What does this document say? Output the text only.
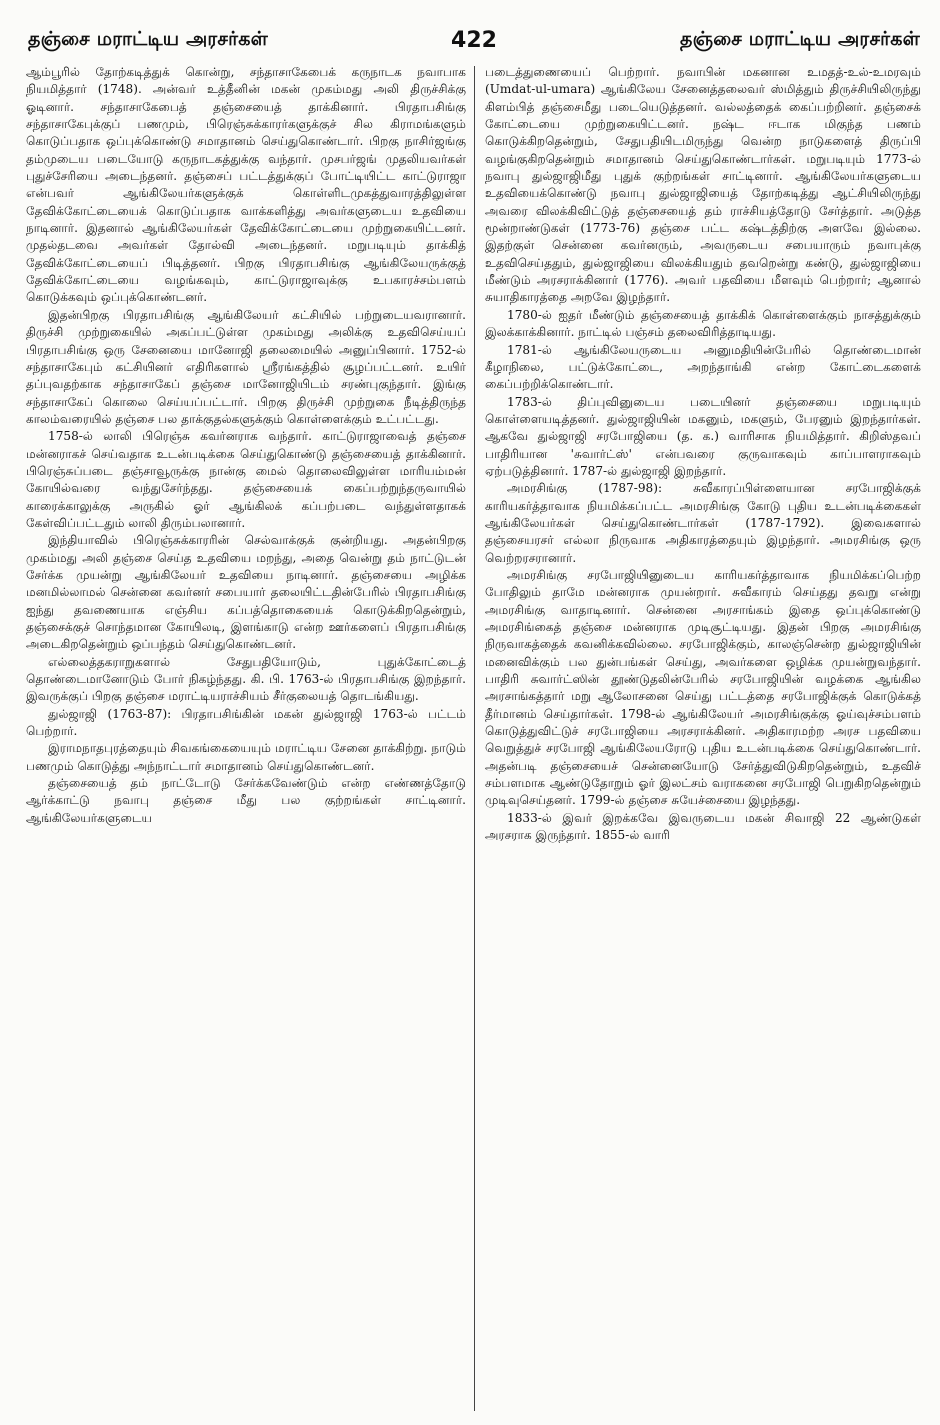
தஞ்சை மராட்டிய அரசர்கள்	422	தஞ்சை மராட்டிய அரசர்கள்

ஆம்பூரில் தோற்கடித்துக் கொன்று, சந்தாசாகேபைக் கருநாடக நவாபாக நியமித்தார் (1748). அன்வர் உத்தீனின் மகன் முகம்மது அலி திருச்சிக்கு ஓடினார். சந்தாசாகேபைத் தஞ்சையைத் தாக்கினார். பிரதாபசிங்கு சந்தாசாகேபுக்குப் பணமும், பிரெஞ்சுக்காரர்களுக்குச் சில கிராமங்களும் கொடுப்பதாக ஒப்புக்கொண்டு சமாதானம் செய்துகொண்டார். பிறகு நாசிர்ஜங்கு தம்முடைய படையோடு கருநாடகத்துக்கு வந்தார். முசபர்ஜங் முதலியவர்கள் புதுச்சேரியை அடைந்தனர். தஞ்சைப் பட்டத்துக்குப் போட்டியிட்ட காட்டுராஜா என்பவர் ஆங்கிலேயர்களுக்குக் கொள்ளிடமுகத்துவாரத்திலுள்ள தேவிக்கோட்டையைக் கொடுப்பதாக வாக்களித்து அவர்களுடைய உதவியை நாடினார். இதனால் ஆங்கிலேயர்கள் தேவிக்கோட்டையை முற்றுகையிட்டனர். முதல்தடவை அவர்கள் தோல்வி அடைந்தனர். மறுபடியும் தாக்கித் தேவிக்கோட்டையைப் பிடித்தனர். பிறகு பிரதாபசிங்கு ஆங்கிலேயருக்குத் தேவிக்கோட்டையை வழங்கவும், காட்டுராஜாவுக்கு உபகாரச்சம்பளம் கொடுக்கவும் ஒப்புக்கொண்டனர்.

இதன்பிறகு பிரதாபசிங்கு ஆங்கிலேயர் கட்சியில் பற்றுடையவரானார். திருச்சி முற்றுகையில் அகப்பட்டுள்ள முகம்மது அலிக்கு உதவிசெய்யப் பிரதாபசிங்கு ஒரு சேனையை மானோஜி தலைமையில் அனுப்பினார். 1752-ல் சந்தாசாகேபும் கட்சியினர் எதிரிகளால் ஸ்ரீரங்கத்தில் சூழப்பட்டனர். உயிர் தப்புவதற்காக சந்தாசாகேப் தஞ்சை மானோஜியிடம் சரண்புகுந்தார். இங்கு சந்தாசாகேப் கொலை செய்யப்பட்டார். பிறகு திருச்சி முற்றுகை நீடித்திருந்த காலம்வரையில் தஞ்சை பல தாக்குதல்களுக்கும் கொள்ளைக்கும் உட்பட்டது.

1758-ல் லாலி பிரெஞ்சு கவர்னராக வந்தார். காட்டுராஜாவைத் தஞ்சை மன்னராகச் செய்வதாக உடன்படிக்கை செய்துகொண்டு தஞ்சையைத் தாக்கினார். பிரெஞ்சுப்படை தஞ்சாவூருக்கு நான்கு மைல் தொலைவிலுள்ள மாரியம்மன் கோயில்வரை வந்துசேர்ந்தது. தஞ்சையைக் கைப்பற்றுந்தருவாயில் காரைக்காலுக்கு அருகில் ஓர் ஆங்கிலக் கப்பற்படை வந்துள்ளதாகக் கேள்விப்பட்டதும் லாலி திரும்பலானார்.

இந்தியாவில் பிரெஞ்சுக்காரரின் செல்வாக்குக் குன்றியது. அதன்பிறகு முகம்மது அலி தஞ்சை செய்த உதவியை மறந்து, அதை வென்று தம் நாட்டுடன் சேர்க்க முயன்று ஆங்கிலேயர் உதவியை நாடினார். தஞ்சையை அழிக்க மனமில்லாமல் சென்னை கவர்னர் சபையார் தலையிட்டதின்பேரில் பிரதாபசிங்கு ஐந்து தவணையாக எஞ்சிய கப்பத்தொகையைக் கொடுக்கிறதென்றும், தஞ்சைக்குச் சொந்தமான கோயிலடி, இளங்காடு என்ற ஊர்களைப் பிரதாபசிங்கு அடைகிறதென்றும் ஒப்பந்தம் செய்துகொண்டனர்.

எல்லைத்தகராறுகளால் சேதுபதியோடும், புதுக்கோட்டைத் தொண்டைமானோடும் போர் நிகழ்ந்தது. கி. பி. 1763-ல் பிரதாபசிங்கு இறந்தார். இவருக்குப் பிறகு தஞ்சை மராட்டியராச்சியம் சீர்குலையத் தொடங்கியது.

துல்ஜாஜி (1763-87): பிரதாபசிங்கின் மகன் துல்ஜாஜி 1763-ல் பட்டம் பெற்றார்.

இராமநாதபுரத்தையும் சிவகங்கையையும் மராட்டிய சேனை தாக்கிற்று. நாடும் பணமும் கொடுத்து அந்நாட்டார் சமாதானம் செய்துகொண்டனர்.

தஞ்சையைத் தம் நாட்டோடு சேர்க்கவேண்டும் என்ற எண்ணத்தோடு ஆர்க்காட்டு நவாபு தஞ்சை மீது பல குற்றங்கள் சாட்டினார். ஆங்கிலேயர்களுடைய

படைத்துணையைப் பெற்றார். நவாபின் மகனான உமதத்-உல்-உமரவும் (Umdat-ul-umara) ஆங்கிலேய சேனைத்தலைவர் ஸ்மித்தும் திருச்சியிலிருந்து கிளம்பித் தஞ்சைமீது படையெடுத்தனர். வல்லத்தைக் கைப்பற்றினர். தஞ்சைக் கோட்டையை முற்றுகையிட்டனர். நஷ்ட ஈடாக மிகுந்த பணம் கொடுக்கிறதென்றும், சேதுபதியிடமிருந்து வென்ற நாடுகளைத் திருப்பி வழங்குகிறதென்றும் சமாதானம் செய்துகொண்டார்கள். மறுபடியும் 1773-ல் நவாபு துல்ஜாஜிமீது புதுக் குற்றங்கள் சாட்டினார். ஆங்கிலேயர்களுடைய உதவியைக்கொண்டு நவாபு துல்ஜாஜியைத் தோற்கடித்து ஆட்சியிலிருந்து அவரை விலக்கிவிட்டுத் தஞ்சையைத் தம் ராச்சியத்தோடு சேர்த்தார். அடுத்த மூன்றாண்டுகள் (1773-76) தஞ்சை பட்ட கஷ்டத்திற்கு அளவே இல்லை. இதற்குள் சென்னை கவர்னரும், அவருடைய சபையாரும் நவாபுக்கு உதவிசெய்ததும், துல்ஜாஜியை விலக்கியதும் தவறென்று கண்டு, துல்ஜாஜியை மீண்டும் அரசராக்கினார் (1776). அவர் பதவியை மீளவும் பெற்றார்; ஆனால் சுயாதிகாரத்தை அறவே இழந்தார்.

1780-ல் ஐதர் மீண்டும் தஞ்சையைத் தாக்கிக் கொள்ளைக்கும் நாசத்துக்கும் இலக்காக்கினார். நாட்டில் பஞ்சம் தலைவிரித்தாடியது.

1781-ல் ஆங்கிலேயருடைய அனுமதியின்பேரில் தொண்டைமான் கீழாநிலை, பட்டுக்கோட்டை, அறந்தாங்கி என்ற கோட்டைகளைக் கைப்பற்றிக்கொண்டார்.

1783-ல் திப்புவினுடைய படையினர் தஞ்சையை மறுபடியும் கொள்ளையடித்தனர். துல்ஜாஜியின் மகனும், மகளும், பேரனும் இறந்தார்கள். ஆகவே துல்ஜாஜி சரபோஜியை (த. க.) வாரிசாக நியமித்தார். கிறிஸ்தவப் பாதிரியான 'சுவார்ட்ஸ்' என்பவரை குருவாகவும் காப்பாளராகவும் ஏற்படுத்தினார். 1787-ல் துல்ஜாஜி இறந்தார்.

அமரசிங்கு (1787-98): சுவீகாரப்பிள்ளையான சரபோஜிக்குக் காரியகர்த்தாவாக நியமிக்கப்பட்ட அமரசிங்கு கோடு புதிய உடன்படிக்கைகள் ஆங்கிலேயர்கள் செய்துகொண்டார்கள் (1787-1792). இவைகளால் தஞ்சையரசர் எல்லா நிருவாக அதிகாரத்தையும் இழந்தார். அமரசிங்கு ஒரு வெற்றரசரானார்.

அமரசிங்கு சரபோஜியினுடைய காரியகர்த்தாவாக நியமிக்கப்பெற்ற போதிலும் தாமே மன்னராக முயன்றார். சுவீகாரம் செய்தது தவறு என்று அமரசிங்கு வாதாடினார். சென்னை அரசாங்கம் இதை ஒப்புக்கொண்டு அமரசிங்கைத் தஞ்சை மன்னராக முடிசூட்டியது. இதன் பிறகு அமரசிங்கு நிருவாகத்தைக் கவனிக்கவில்லை. சரபோஜிக்கும், காலஞ்சென்ற துல்ஜாஜியின் மனைவிக்கும் பல துன்பங்கள் செய்து, அவர்களை ஒழிக்க முயன்றுவந்தார். பாதிரி சுவார்ட்ஸின் தூண்டுதலின்பேரில் சரபோஜியின் வழக்கை ஆங்கில அரசாங்கத்தார் மறு ஆலோசனை செய்து பட்டத்தை சரபோஜிக்குக் கொடுக்கத் தீர்மானம் செய்தார்கள். 1798-ல் ஆங்கிலேயர் அமரசிங்குக்கு ஓய்வுச்சம்பளம் கொடுத்துவிட்டுச் சரபோஜியை அரசராக்கினர். அதிகாரமற்ற அரச பதவியை வெறுத்துச் சரபோஜி ஆங்கிலேயரோடு புதிய உடன்படிக்கை செய்துகொண்டார். அதன்படி தஞ்சையைச் சென்னையோடு சேர்த்துவிடுகிறதென்றும், உதவிச் சம்பளமாக ஆண்டுதோறும் ஓர் இலட்சம் வராகனை சரபோஜி பெறுகிறதென்றும் முடிவுசெய்தனர். 1799-ல் தஞ்சை சுயேச்சையை இழந்தது.

1833-ல் இவர் இறக்கவே இவருடைய மகன் சிவாஜி 22 ஆண்டுகள் அரசராக இருந்தார். 1855-ல் வாரி
